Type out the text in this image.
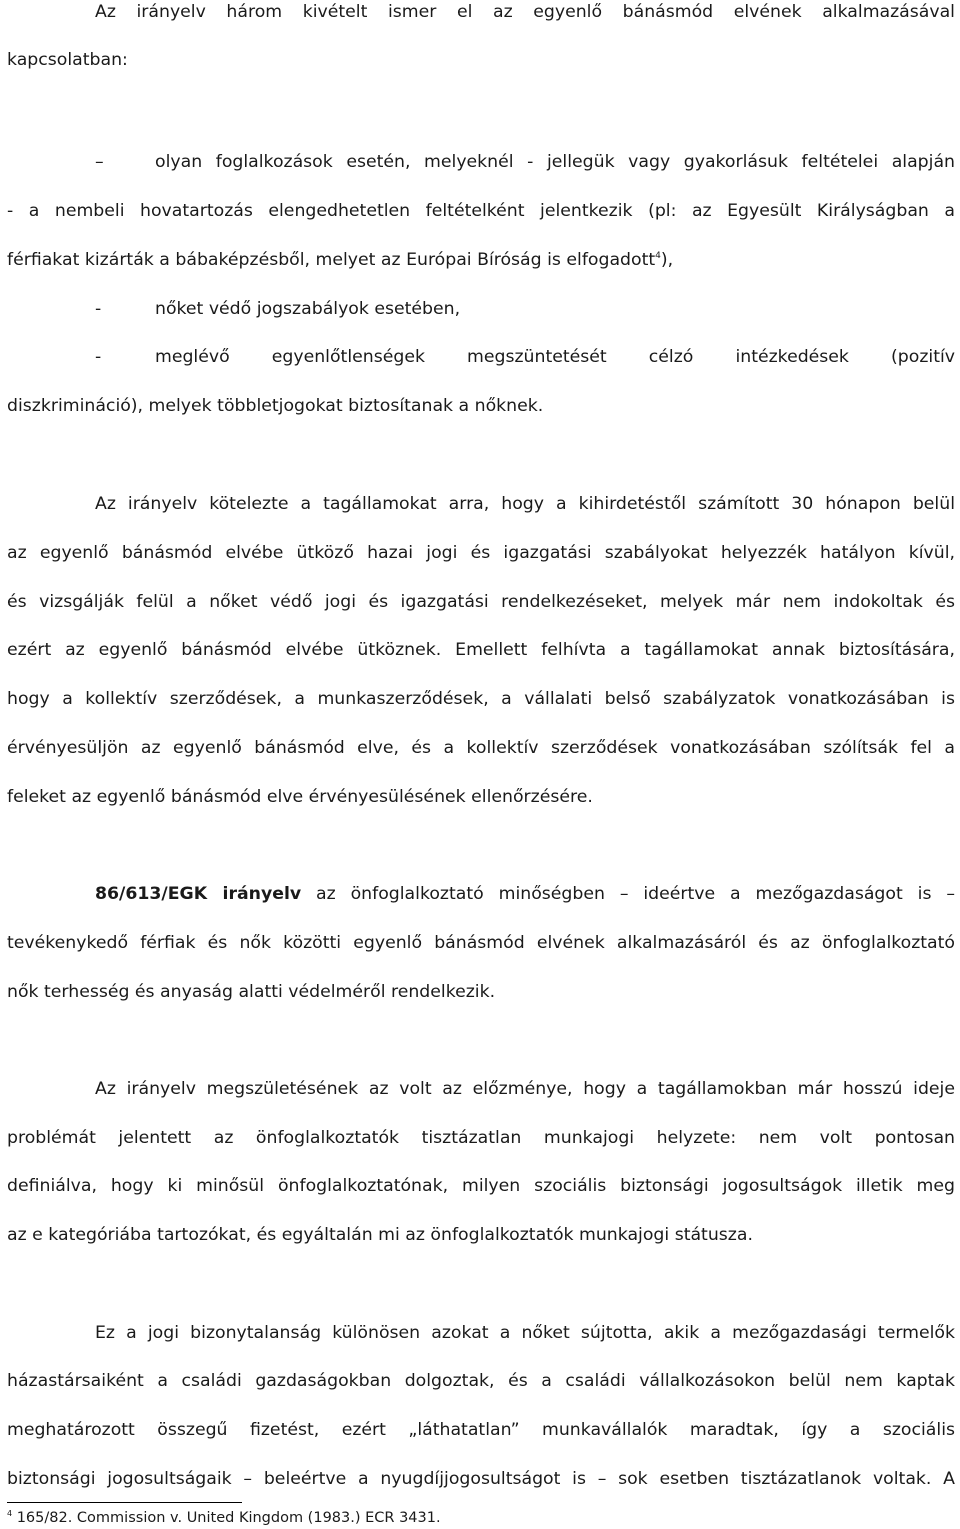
Az irányelv három kivételt ismer el az egyenlő bánásmód elvének alkalmazásával
kapcsolatban:
–	olyan foglalkozások esetén, melyeknél - jellegük vagy gyakorlásuk feltételei alapján
- a nembeli hovatartozás elengedhetetlen feltételként jelentkezik (pl: az Egyesült Királyságban a
férfiakat kizárták a bábaképzésből, melyet az Európai Bíróság is elfogadott$^4$),
-	nőket védő jogszabályok esetében,
-	meglévő egyenlőtlenségek megszüntetését célzó intézkedések (pozitív
diszkrimináció), melyek többletjogokat biztosítanak a nőknek.
Az irányelv kötelezte a tagállamokat arra, hogy a kihirdetéstől számított 30 hónapon belül
az egyenlő bánásmód elvébe ütköző hazai jogi és igazgatási szabályokat helyezzék hatályon kívül,
és vizsgálják felül a nőket védő jogi és igazgatási rendelkezéseket, melyek már nem indokoltak és
ezért az egyenlő bánásmód elvébe ütköznek. Emellett felhívta a tagállamokat annak biztosítására,
hogy a kollektív szerződések, a munkaszerződések, a vállalati belső szabályzatok vonatkozásában is
érvényesüljön az egyenlő bánásmód elve, és a kollektív szerződések vonatkozásában szólítsák fel a
feleket az egyenlő bánásmód elve érvényesülésének ellenőrzésére.
86/613/EGK irányelv az önfoglalkoztató minőségben – ideértve a mezőgazdaságot is –
tevékenykedő férfiak és nők közötti egyenlő bánásmód elvének alkalmazásáról és az önfoglalkoztató
nők terhesség és anyaság alatti védelméről rendelkezik.
Az irányelv megszületésének az volt az előzménye, hogy a tagállamokban már hosszú ideje
problémát jelentett az önfoglalkoztatók tisztázatlan munkajogi helyzete: nem volt pontosan
definiálva, hogy ki minősül önfoglalkoztatónak, milyen szociális biztonsági jogosultságok illetik meg
az e kategóriába tartozókat, és egyáltalán mi az önfoglalkoztatók munkajogi státusza.
Ez a jogi bizonytalanság különösen azokat a nőket sújtotta, akik a mezőgazdasági termelők
házastársaiként a családi gazdaságokban dolgoztak, és a családi vállalkozásokon belül nem kaptak
meghatározott összegű fizetést, ezért „láthatatlan” munkavállalók maradtak, így a szociális
biztonsági jogosultságaik – beleértve a nyugdíjjogosultságot is – sok esetben tisztázatlanok voltak. A
$^4$ 165/82. Commission v. United Kingdom (1983.) ECR 3431.
